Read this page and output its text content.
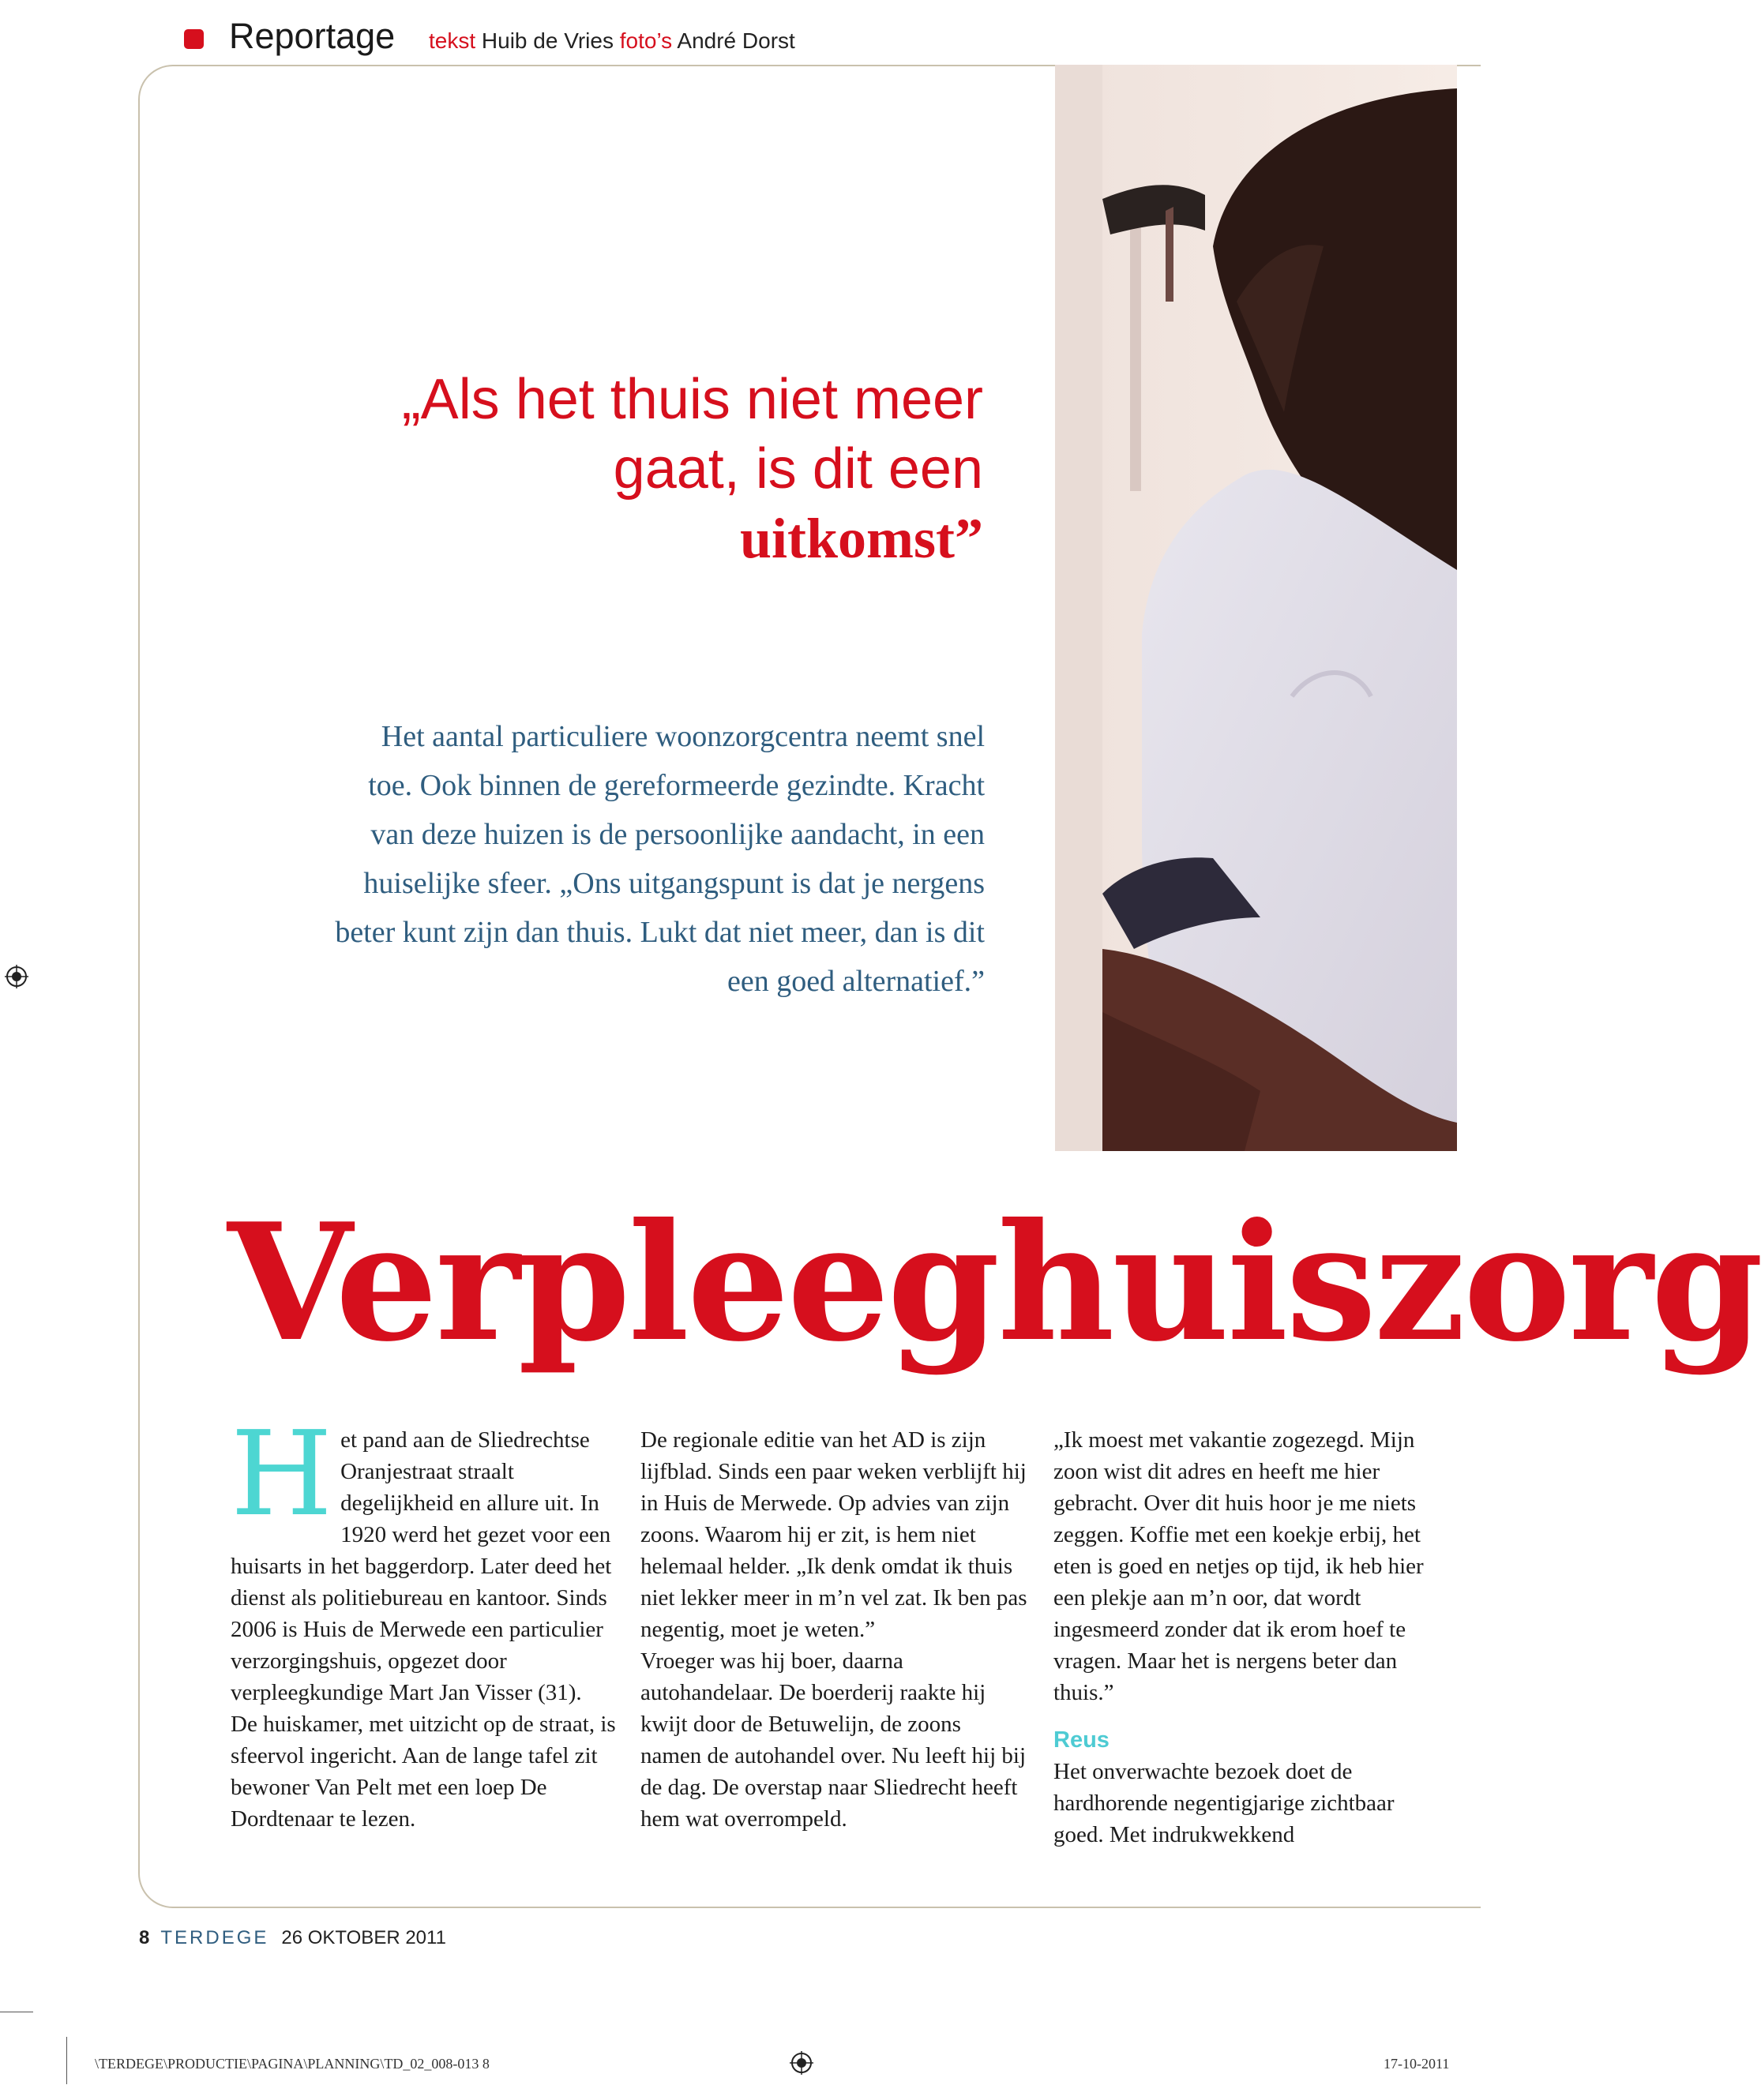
Reportage tekst Huib de Vries foto’s André Dorst
„Als het thuis niet meer
gaat, is dit een
uitkomst”
Het aantal particuliere woonzorgcentra neemt snel toe. Ook binnen de gereformeerde gezindte. Kracht van deze huizen is de persoonlijke aandacht, in een huiselijke sfeer. „Ons uitgangspunt is dat je nergens beter kunt zijn dan thuis. Lukt dat niet meer, dan is dit een goed alternatief.”
Verpleeghuiszorg

Het pand aan de Sliedrechtse Oranjestraat straalt degelijkheid en allure uit. In 1920 werd het gezet voor een huisarts in het baggerdorp. Later deed het dienst als politiebureau en kantoor. Sinds 2006 is Huis de Merwede een particulier verzorgingshuis, opgezet door verpleegkundige Mart Jan Visser (31).

De huiskamer, met uitzicht op de straat, is sfeervol ingericht. Aan de lange tafel zit bewoner Van Pelt met een loep De Dordtenaar te lezen.

De regionale editie van het AD is zijn lijfblad. Sinds een paar weken verblijft hij in Huis de Merwede. Op advies van zijn zoons. Waarom hij er zit, is hem niet helemaal helder. „Ik denk omdat ik thuis niet lekker meer in m’n vel zat. Ik ben pas negentig, moet je weten.”

Vroeger was hij boer, daarna autohandelaar. De boerderij raakte hij kwijt door de Betuwelijn, de zoons namen de autohandel over. Nu leeft hij bij de dag. De overstap naar Sliedrecht heeft hem wat overrompeld.

„Ik moest met vakantie zogezegd. Mijn zoon wist dit adres en heeft me hier gebracht. Over dit huis hoor je me niets zeggen. Koffie met een koekje erbij, het eten is goed en netjes op tijd, ik heb hier een plekje aan m’n oor, dat wordt ingesmeerd zonder dat ik erom hoef te vragen. Maar het is nergens beter dan thuis.”

Reus

Het onverwachte bezoek doet de hardhorende negentigjarige zichtbaar goed. Met indrukwekkend

8 TERDEGE 26 OKTOBER 2011
\TERDEGE\PRODUCTIE\PAGINA\PLANNING\TD_02_008-013 8	17-10-2011
